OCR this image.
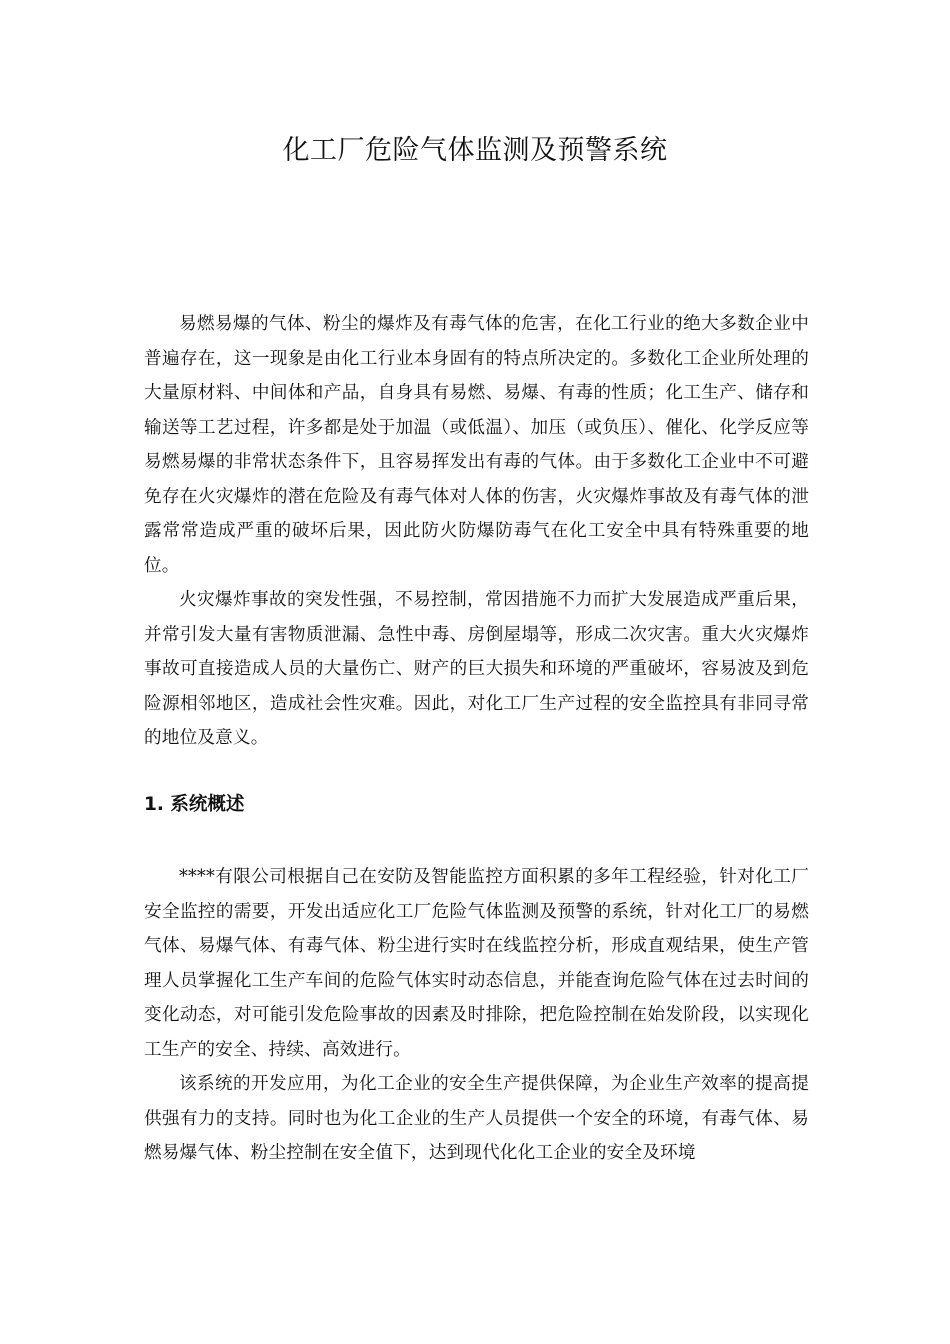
化工厂危险气体监测及预警系统

易燃易爆的气体、粉尘的爆炸及有毒气体的危害，在化工行业的绝大多数企业中普遍存在，这一现象是由化工行业本身固有的特点所决定的。多数化工企业所处理的大量原材料、中间体和产品，自身具有易燃、易爆、有毒的性质；化工生产、储存和输送等工艺过程，许多都是处于加温（或低温）、加压（或负压）、催化、化学反应等易燃易爆的非常状态条件下，且容易挥发出有毒的气体。由于多数化工企业中不可避免存在火灾爆炸的潜在危险及有毒气体对人体的伤害，火灾爆炸事故及有毒气体的泄露常常造成严重的破坏后果，因此防火防爆防毒气在化工安全中具有特殊重要的地位。

火灾爆炸事故的突发性强，不易控制，常因措施不力而扩大发展造成严重后果，并常引发大量有害物质泄漏、急性中毒、房倒屋塌等，形成二次灾害。重大火灾爆炸事故可直接造成人员的大量伤亡、财产的巨大损失和环境的严重破坏，容易波及到危险源相邻地区，造成社会性灾难。因此，对化工厂生产过程的安全监控具有非同寻常的地位及意义。

1. 系统概述

****有限公司根据自己在安防及智能监控方面积累的多年工程经验，针对化工厂安全监控的需要，开发出适应化工厂危险气体监测及预警的系统，针对化工厂的易燃气体、易爆气体、有毒气体、粉尘进行实时在线监控分析，形成直观结果，使生产管理人员掌握化工生产车间的危险气体实时动态信息，并能查询危险气体在过去时间的变化动态，对可能引发危险事故的因素及时排除，把危险控制在始发阶段，以实现化工生产的安全、持续、高效进行。

该系统的开发应用，为化工企业的安全生产提供保障，为企业生产效率的提高提供强有力的支持。同时也为化工企业的生产人员提供一个安全的环境，有毒气体、易燃易爆气体、粉尘控制在安全值下，达到现代化化工企业的安全及环境
